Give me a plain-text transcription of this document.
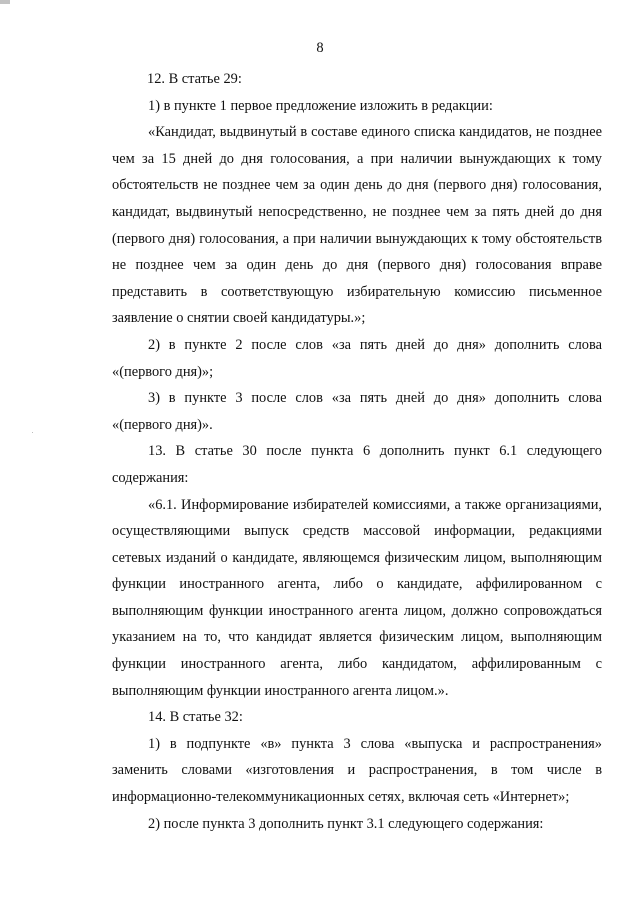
8

12. В статье 29:

1) в пункте 1 первое предложение изложить в редакции:

«Кандидат, выдвинутый в составе единого списка кандидатов, не позднее чем за 15 дней до дня голосования, а при наличии вынуждающих к тому обстоятельств не позднее чем за один день до дня (первого дня) голосования, кандидат, выдвинутый непосредственно, не позднее чем за пять дней до дня (первого дня) голосования, а при наличии вынуждающих к тому обстоятельств не позднее чем за один день до дня (первого дня) голосования вправе представить в соответствующую избирательную комиссию письменное заявление о снятии своей кандидатуры.»;

2) в пункте 2 после слов «за пять дней до дня» дополнить слова «(первого дня)»;

3) в пункте 3 после слов «за пять дней до дня» дополнить слова «(первого дня)».

13. В статье 30 после пункта 6 дополнить пункт 6.1 следующего содержания:

«6.1. Информирование избирателей комиссиями, а также организациями, осуществляющими выпуск средств массовой информации, редакциями сетевых изданий о кандидате, являющемся физическим лицом, выполняющим функции иностранного агента, либо о кандидате, аффилированном с выполняющим функции иностранного агента лицом, должно сопровождаться указанием на то, что кандидат является физическим лицом, выполняющим функции иностранного агента, либо кандидатом, аффилированным с выполняющим функции иностранного агента лицом.».

14. В статье 32:

1) в подпункте «в» пункта 3 слова «выпуска и распространения» заменить словами «изготовления и распространения, в том числе в информационно-телекоммуникационных сетях, включая сеть «Интернет»;

2) после пункта 3 дополнить пункт 3.1 следующего содержания:
